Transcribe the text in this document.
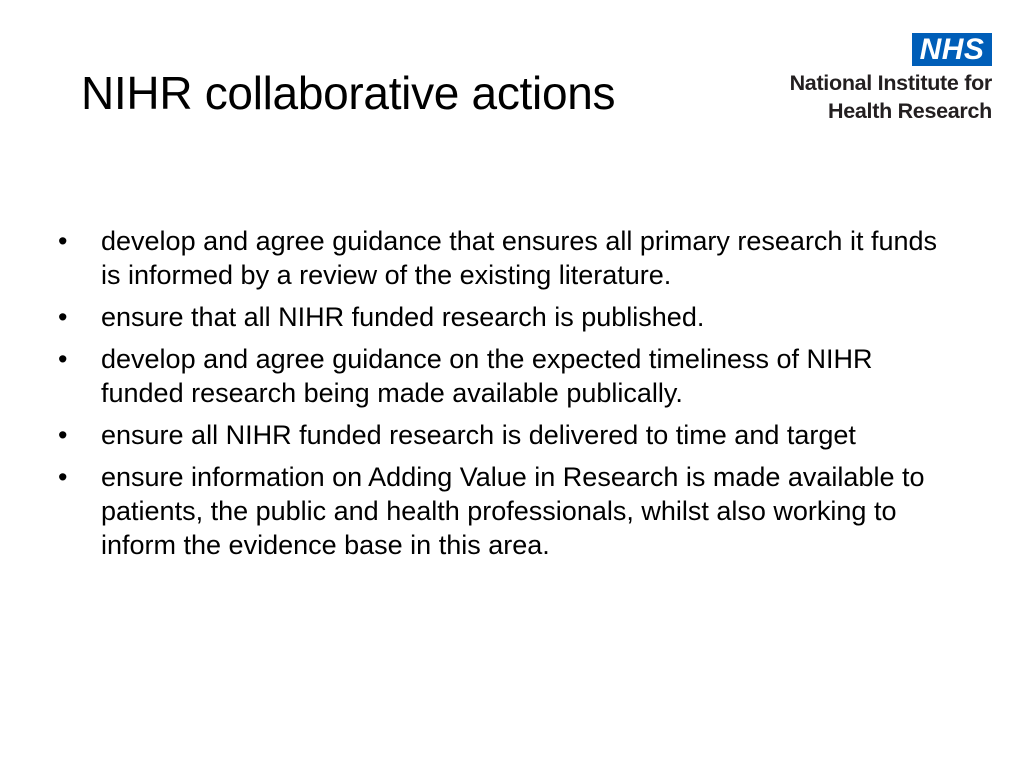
NIHR collaborative actions
NHS
National Institute for
Health Research
•	develop and agree guidance that ensures all primary research it funds is informed by a review of the existing literature.
•	ensure that all NIHR funded research is published.
•	develop and agree guidance on the expected timeliness of NIHR funded research being made available publically.
•	ensure all NIHR funded research is delivered to time and target
•	ensure information on Adding Value in Research is made available to patients, the public and health professionals, whilst also working to inform the evidence base in this area.
